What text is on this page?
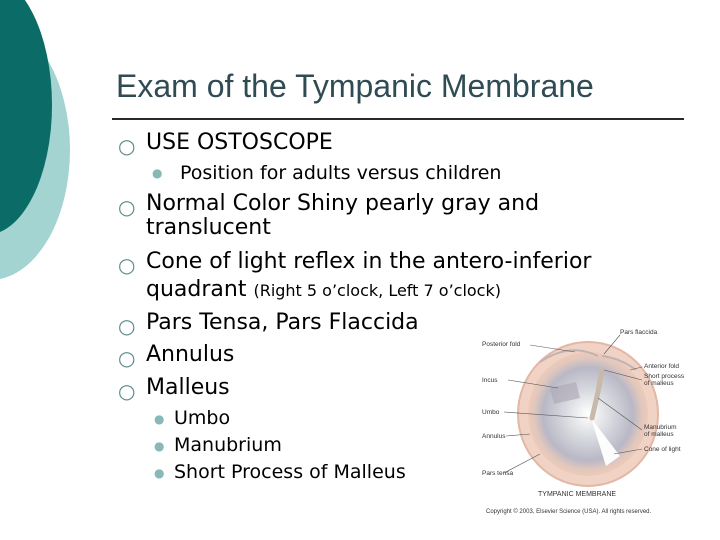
Exam of the Tympanic Membrane
○ USE OSTOSCOPE
● Position for adults versus children
○ Normal Color Shiny pearly gray and
translucent
○ Cone of light reflex in the antero-inferior
quadrant (Right 5 o’clock, Left 7 o’clock)
○ Pars Tensa, Pars Flaccida
○ Annulus
○ Malleus
● Umbo
● Manubrium
● Short Process of Malleus
Pars flaccida
Posterior fold
Anterior fold
Short process
of malleus
Incus
Umbo
Manubrium
of malleus
Annulus
Cone of light
Pars tensa
TYMPANIC MEMBRANE
Copyright © 2003, Elsevier Science (USA). All rights reserved.
